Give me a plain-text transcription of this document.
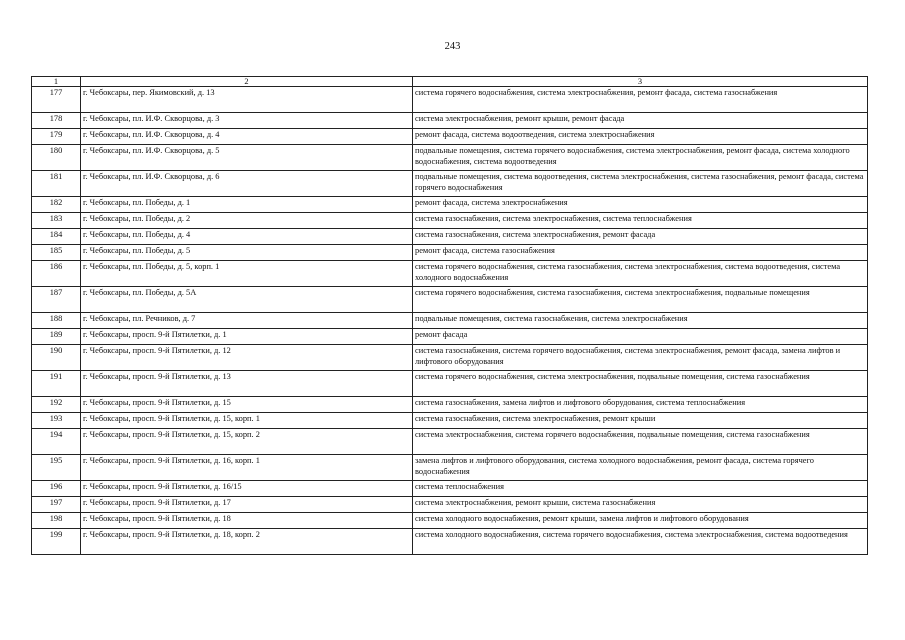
243
1	2	3
177	г. Чебоксары, пер. Якимовский, д. 13	система горячего водоснабжения, система электроснабжения, ремонт фасада, система газоснабжения
178	г. Чебоксары, пл. И.Ф. Скворцова, д. 3	система электроснабжения, ремонт крыши, ремонт фасада
179	г. Чебоксары, пл. И.Ф. Скворцова, д. 4	ремонт фасада, система водоотведения, система электроснабжения
180	г. Чебоксары, пл. И.Ф. Скворцова, д. 5	подвальные помещения, система горячего водоснабжения, система электроснабжения, ремонт фасада, система холодного водоснабжения, система водоотведения
181	г. Чебоксары, пл. И.Ф. Скворцова, д. 6	подвальные помещения, система водоотведения, система электроснабжения, система газоснабжения, ремонт фасада, система горячего водоснабжения
182	г. Чебоксары, пл. Победы, д. 1	ремонт фасада, система электроснабжения
183	г. Чебоксары, пл. Победы, д. 2	система газоснабжения, система электроснабжения, система теплоснабжения
184	г. Чебоксары, пл. Победы, д. 4	система газоснабжения, система электроснабжения, ремонт фасада
185	г. Чебоксары, пл. Победы, д. 5	ремонт фасада, система газоснабжения
186	г. Чебоксары, пл. Победы, д. 5, корп. 1	система горячего водоснабжения, система газоснабжения, система электроснабжения, система водоотведения, система холодного водоснабжения
187	г. Чебоксары, пл. Победы, д. 5А	система горячего водоснабжения, система газоснабжения, система электроснабжения, подвальные помещения
188	г. Чебоксары, пл. Речников, д. 7	подвальные помещения, система газоснабжения, система электроснабжения
189	г. Чебоксары, просп. 9-й Пятилетки, д. 1	ремонт фасада
190	г. Чебоксары, просп. 9-й Пятилетки, д. 12	система газоснабжения, система горячего водоснабжения, система электроснабжения, ремонт фасада, замена лифтов и лифтового оборудования
191	г. Чебоксары, просп. 9-й Пятилетки, д. 13	система горячего водоснабжения, система электроснабжения, подвальные помещения, система газоснабжения
192	г. Чебоксары, просп. 9-й Пятилетки, д. 15	система газоснабжения, замена лифтов и лифтового оборудования, система теплоснабжения
193	г. Чебоксары, просп. 9-й Пятилетки, д. 15, корп. 1	система газоснабжения, система электроснабжения, ремонт крыши
194	г. Чебоксары, просп. 9-й Пятилетки, д. 15, корп. 2	система электроснабжения, система горячего водоснабжения, подвальные помещения, система газоснабжения
195	г. Чебоксары, просп. 9-й Пятилетки, д. 16, корп. 1	замена лифтов и лифтового оборудования, система холодного водоснабжения, ремонт фасада, система горячего водоснабжения
196	г. Чебоксары, просп. 9-й Пятилетки, д. 16/15	система теплоснабжения
197	г. Чебоксары, просп. 9-й Пятилетки, д. 17	система электроснабжения, ремонт крыши, система газоснабжения
198	г. Чебоксары, просп. 9-й Пятилетки, д. 18	система холодного водоснабжения, ремонт крыши, замена лифтов и лифтового оборудования
199	г. Чебоксары, просп. 9-й Пятилетки, д. 18, корп. 2	система холодного водоснабжения, система горячего водоснабжения, система электроснабжения, система водоотведения
